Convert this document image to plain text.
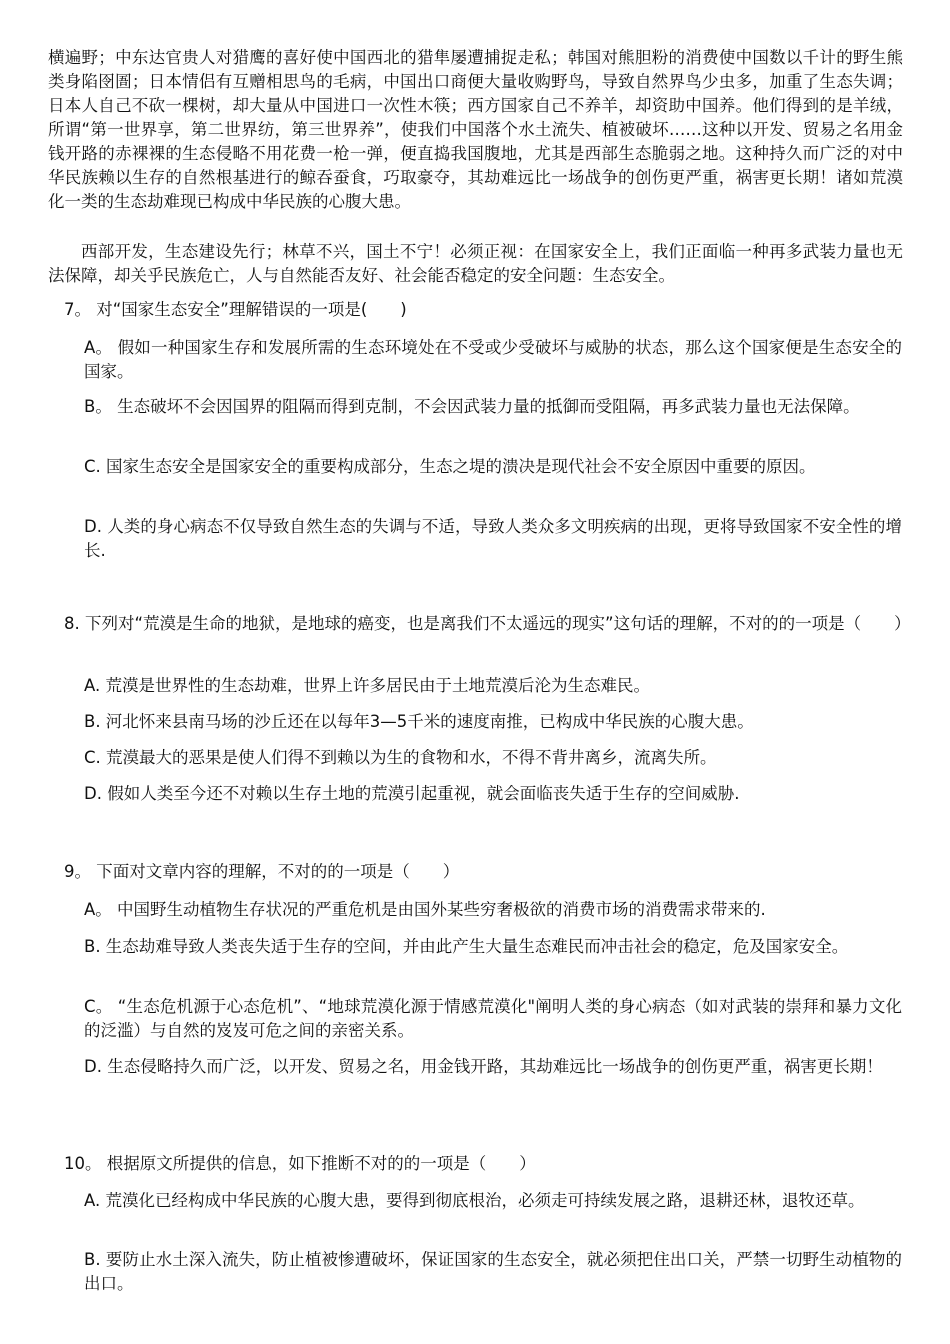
横遍野；中东达官贵人对猎鹰的喜好使中国西北的猎隼屡遭捕捉走私；韩国对熊胆粉的消费使中国数以千计的野生熊类身陷囹圄；日本情侣有互赠相思鸟的毛病，中国出口商便大量收购野鸟，导致自然界鸟少虫多，加重了生态失调；日本人自己不砍一棵树，却大量从中国进口一次性木筷；西方国家自己不养羊，却资助中国养。他们得到的是羊绒，所谓“第一世界享，第二世界纺，第三世界养”，使我们中国落个水土流失、植被破坏……这种以开发、贸易之名用金钱开路的赤裸裸的生态侵略不用花费一枪一弹，便直捣我国腹地，尤其是西部生态脆弱之地。这种持久而广泛的对中华民族赖以生存的自然根基进行的鲸吞蚕食，巧取豪夺，其劫难远比一场战争的创伤更严重，祸害更长期！诸如荒漠化一类的生态劫难现已构成中华民族的心腹大患。

西部开发，生态建设先行；林草不兴，国土不宁！必须正视：在国家安全上，我们正面临一种再多武装力量也无法保障，却关乎民族危亡，人与自然能否友好、社会能否稳定的安全问题：生态安全。

7。 对“国家生态安全”理解错误的一项是(　　)

A。 假如一种国家生存和发展所需的生态环境处在不受或少受破坏与威胁的状态，那么这个国家便是生态安全的国家。

B。 生态破坏不会因国界的阻隔而得到克制，不会因武装力量的抵御而受阻隔，再多武装力量也无法保障。

C. 国家生态安全是国家安全的重要构成部分，生态之堤的溃决是现代社会不安全原因中重要的原因。

D. 人类的身心病态不仅导致自然生态的失调与不适，导致人类众多文明疾病的出现，更将导致国家不安全性的增长.

8. 下列对“荒漠是生命的地狱，是地球的癌变，也是离我们不太遥远的现实”这句话的理解，不对的的一项是（　　）

A. 荒漠是世界性的生态劫难，世界上许多居民由于土地荒漠后沦为生态难民。

B. 河北怀来县南马场的沙丘还在以每年3—5千米的速度南推，已构成中华民族的心腹大患。

C. 荒漠最大的恶果是使人们得不到赖以为生的食物和水，不得不背井离乡，流离失所。

D. 假如人类至今还不对赖以生存土地的荒漠引起重视，就会面临丧失适于生存的空间威胁.

9。 下面对文章内容的理解，不对的的一项是（　　）

A。 中国野生动植物生存状况的严重危机是由国外某些穷奢极欲的消费市场的消费需求带来的.

B. 生态劫难导致人类丧失适于生存的空间，并由此产生大量生态难民而冲击社会的稳定，危及国家安全。

C。 “生态危机源于心态危机”、“地球荒漠化源于情感荒漠化"阐明人类的身心病态（如对武装的崇拜和暴力文化的泛滥）与自然的岌岌可危之间的亲密关系。

D. 生态侵略持久而广泛，以开发、贸易之名，用金钱开路，其劫难远比一场战争的创伤更严重，祸害更长期！

10。 根据原文所提供的信息，如下推断不对的的一项是（　　）

A. 荒漠化已经构成中华民族的心腹大患，要得到彻底根治，必须走可持续发展之路，退耕还林，退牧还草。

B. 要防止水土深入流失，防止植被惨遭破坏，保证国家的生态安全，就必须把住出口关，严禁一切野生动植物的出口。
